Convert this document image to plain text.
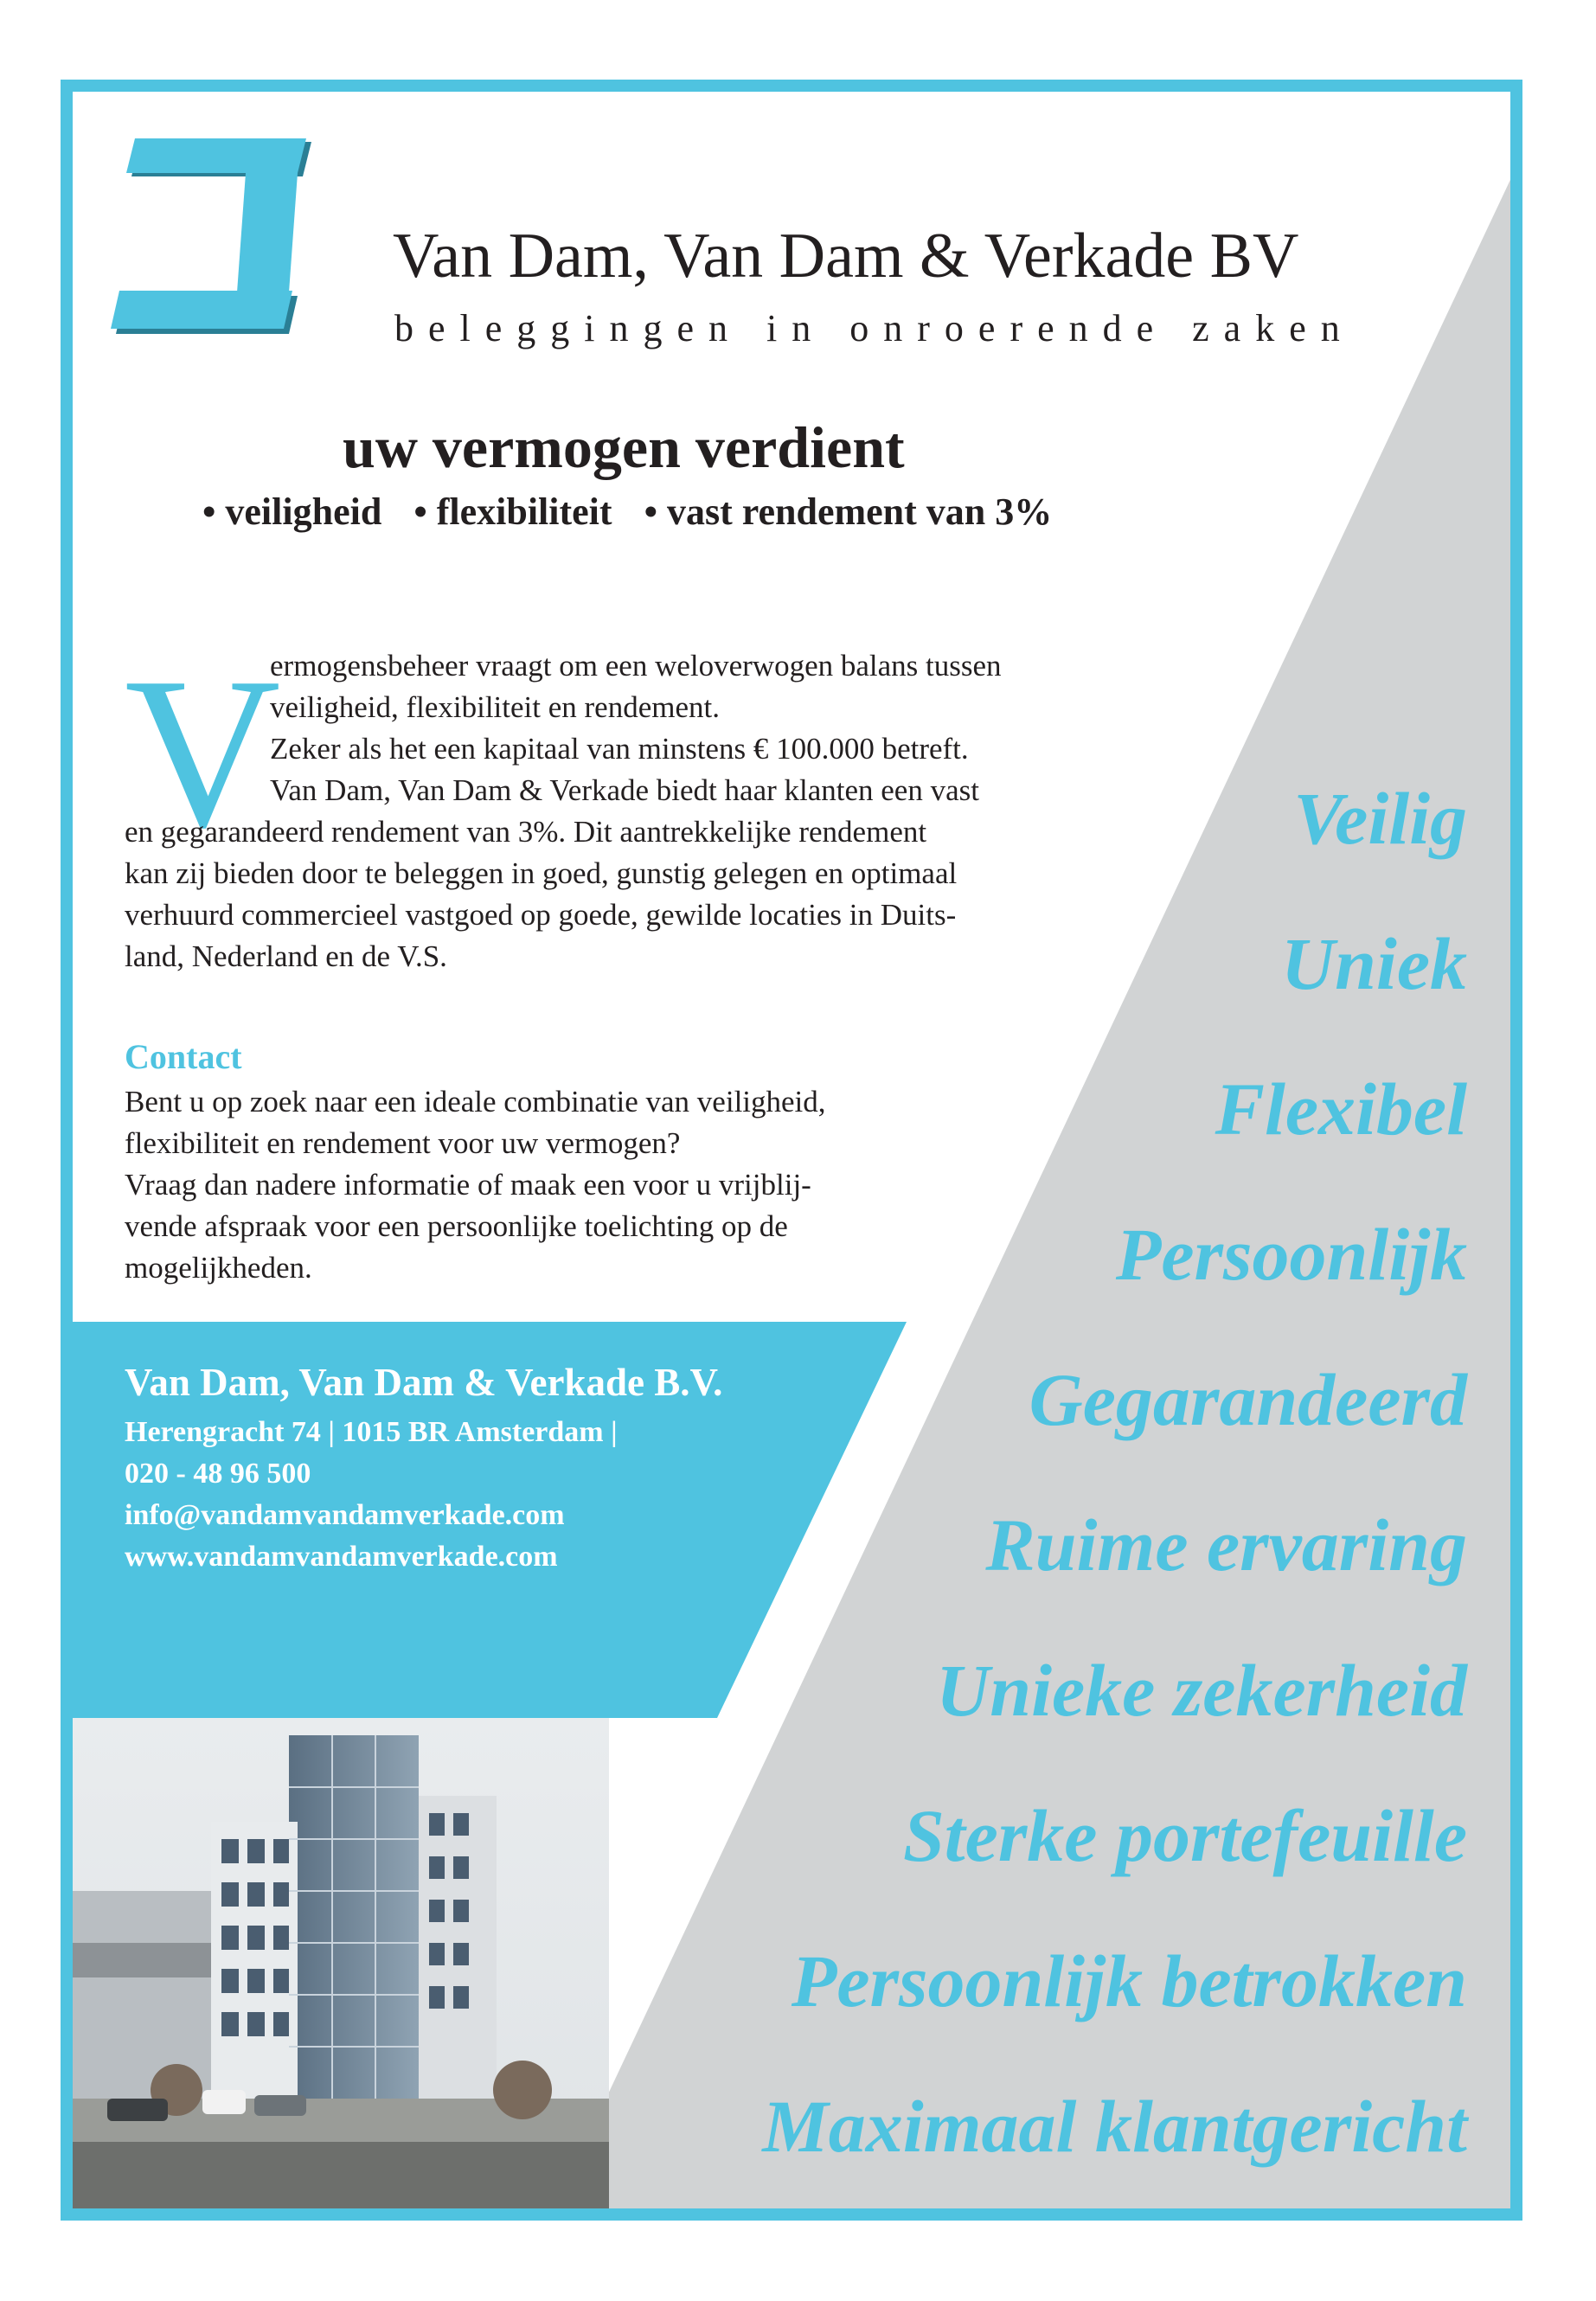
Van Dam, Van Dam & Verkade BV
beleggingen in onroerende zaken
uw vermogen verdient
• veiligheid • flexibiliteit • vast rendement van 3%
V
ermogensbeheer vraagt om een weloverwogen balans tussen
veiligheid, flexibiliteit en rendement.
Zeker als het een kapitaal van minstens € 100.000 betreft.
Van Dam, Van Dam & Verkade biedt haar klanten een vast
en gegarandeerd rendement van 3%. Dit aantrekkelijke rendement
kan zij bieden door te beleggen in goed, gunstig gelegen en optimaal
verhuurd commercieel vastgoed op goede, gewilde locaties in Duits-
land, Nederland en de V.S.
Contact
Bent u op zoek naar een ideale combinatie van veiligheid,
flexibiliteit en rendement voor uw vermogen?
Vraag dan nadere informatie of maak een voor u vrijblij-
vende afspraak voor een persoonlijke toelichting op de
mogelijkheden.
Van Dam, Van Dam & Verkade B.V.
Herengracht 74 | 1015 BR Amsterdam |
020 - 48 96 500
info@vandamvandamverkade.com
www.vandamvandamverkade.com
Veilig
Uniek
Flexibel
Persoonlijk
Gegarandeerd
Ruime ervaring
Unieke zekerheid
Sterke portefeuille
Persoonlijk betrokken
Maximaal klantgericht
